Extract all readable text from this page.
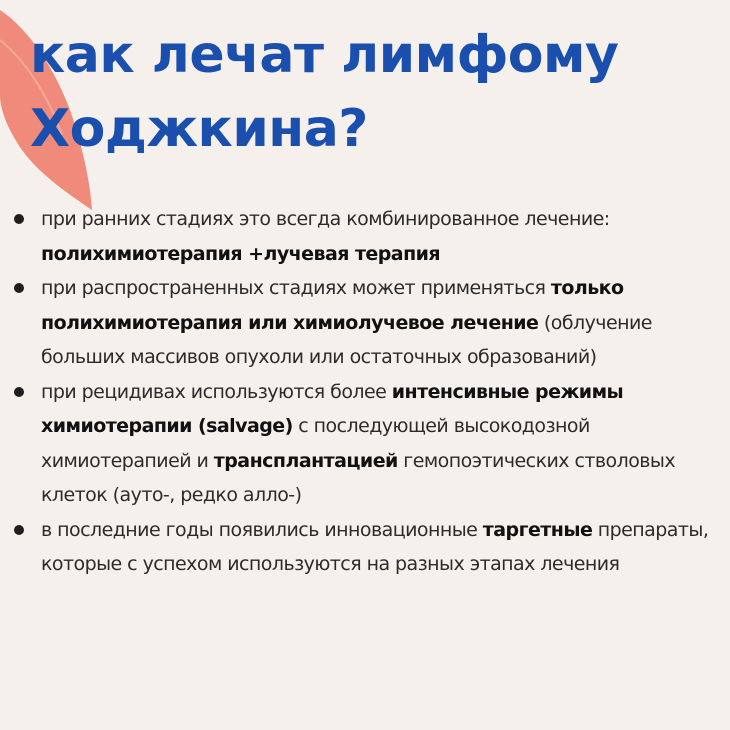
как лечат лимфому
Ходжкина?
при ранних стадиях это всегда комбинированное лечение: полихимиотерапия +лучевая терапия
при распространенных стадиях может применяться только полихимиотерапия или химиолучевое лечение (облучение больших массивов опухоли или остаточных образований)
при рецидивах используются более интенсивные режимы химиотерапии (salvage) с последующей высокодозной химиотерапией и трансплантацией гемопоэтических стволовых клеток (ауто-, редко алло-)
в последние годы появились инновационные таргетные препараты, которые с успехом используются на разных этапах лечения
